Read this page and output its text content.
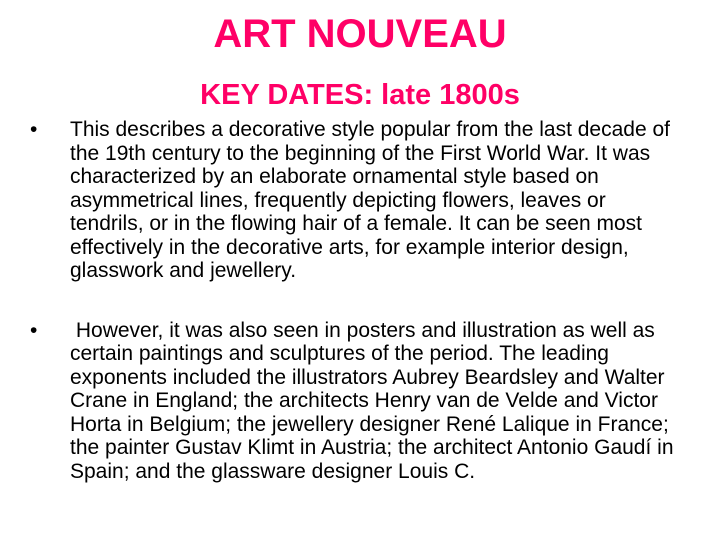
ART NOUVEAU
KEY DATES: late 1800s
•	This describes a decorative style popular from the last decade of the 19th century to the beginning of the First World War. It was characterized by an elaborate ornamental style based on asymmetrical lines, frequently depicting flowers, leaves or tendrils, or in the flowing hair of a female. It can be seen most effectively in the decorative arts, for example interior design, glasswork and jewellery.
•	However, it was also seen in posters and illustration as well as certain paintings and sculptures of the period. The leading exponents included the illustrators Aubrey Beardsley and Walter Crane in England; the architects Henry van de Velde and Victor Horta in Belgium; the jewellery designer René Lalique in France; the painter Gustav Klimt in Austria; the architect Antonio Gaudí in Spain; and the glassware designer Louis C.
